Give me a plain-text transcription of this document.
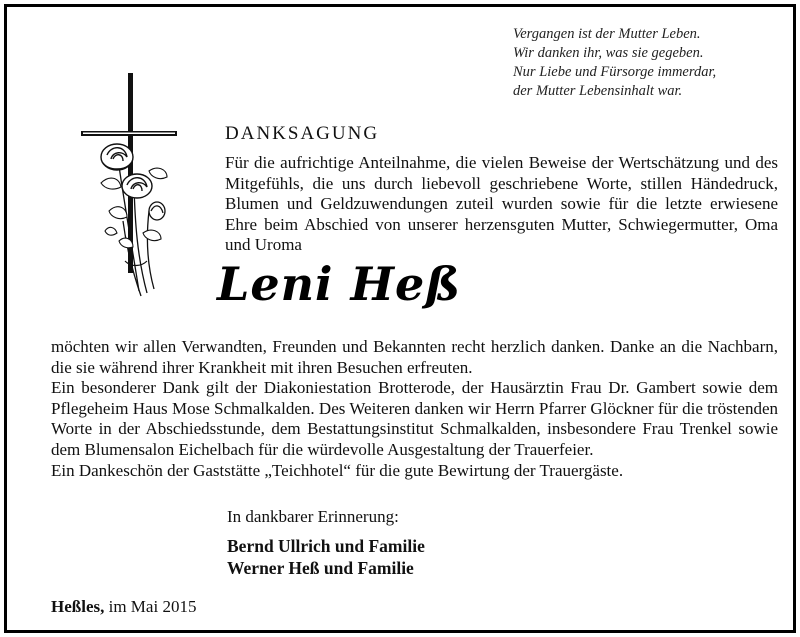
Vergangen ist der Mutter Leben.
Wir danken ihr, was sie gegeben.
Nur Liebe und Fürsorge immerdar,
der Mutter Lebensinhalt war.
DANKSAGUNG
Für die aufrichtige Anteilnahme, die vielen Beweise der Wertschätzung und des Mitgefühls, die uns durch liebevoll geschriebene Worte, stillen Händedruck, Blumen und Geldzuwendungen zuteil wurden sowie für die letzte erwiesene Ehre beim Abschied von unserer herzensguten Mutter, Schwiegermutter, Oma und Uroma
Leni Heß

möchten wir allen Verwandten, Freunden und Bekannten recht herzlich danken. Danke an die Nachbarn, die sie während ihrer Krankheit mit ihren Besuchen erfreuten.

Ein besonderer Dank gilt der Diakoniestation Brotterode, der Hausärztin Frau Dr. Gambert sowie dem Pflegeheim Haus Mose Schmalkalden. Des Weiteren danken wir Herrn Pfarrer Glöckner für die tröstenden Worte in der Abschiedsstunde, dem Bestattungsinstitut Schmalkalden, insbesondere Frau Trenkel sowie dem Blumensalon Eichelbach für die würdevolle Ausgestaltung der Trauerfeier.

Ein Dankeschön der Gaststätte „Teichhotel“ für die gute Bewirtung der Trauergäste.

In dankbarer Erinnerung:
Bernd Ullrich und Familie
Werner Heß und Familie
Heßles, im Mai 2015
